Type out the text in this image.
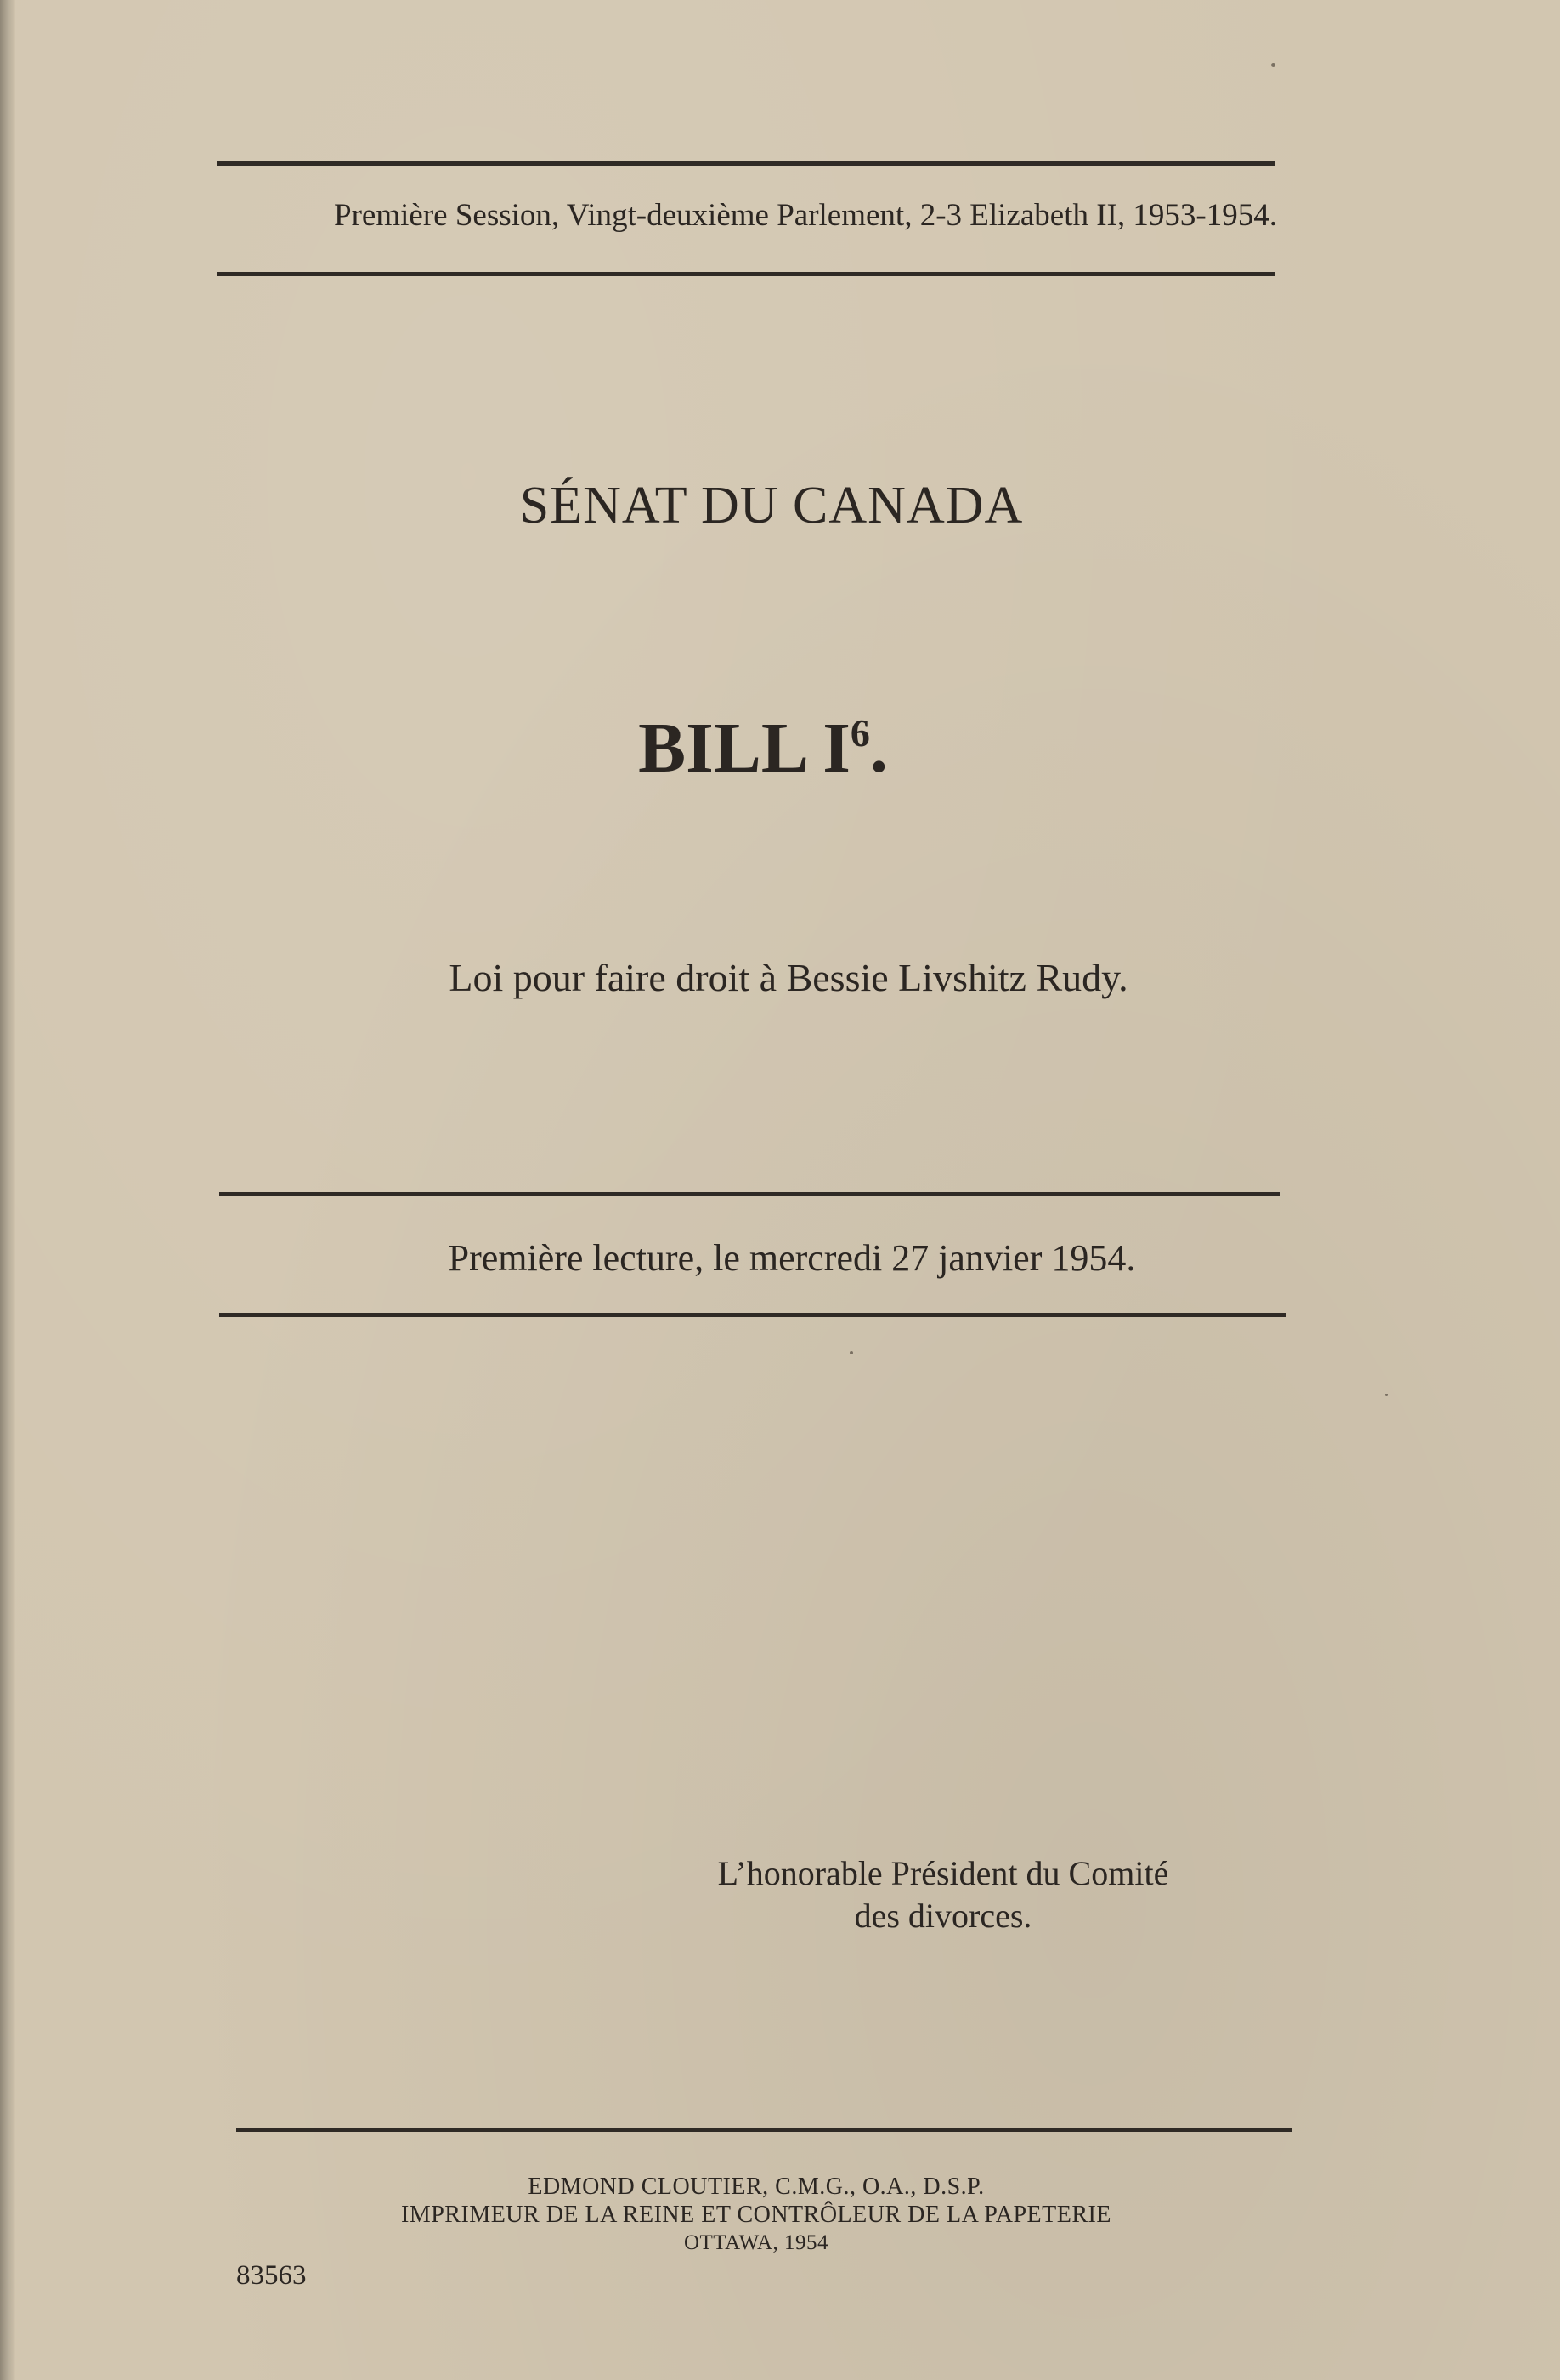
Première Session, Vingt-deuxième Parlement, 2-3 Elizabeth II, 1953-1954.
SÉNAT DU CANADA
BILL $I^6$.
Loi pour faire droit à Bessie Livshitz Rudy.
Première lecture, le mercredi 27 janvier 1954.
L’honorable Président du Comité
des divorces.
EDMOND CLOUTIER, C.M.G., O.A., D.S.P.
IMPRIMEUR DE LA REINE ET CONTRÔLEUR DE LA PAPETERIE
OTTAWA, 1954
83563
